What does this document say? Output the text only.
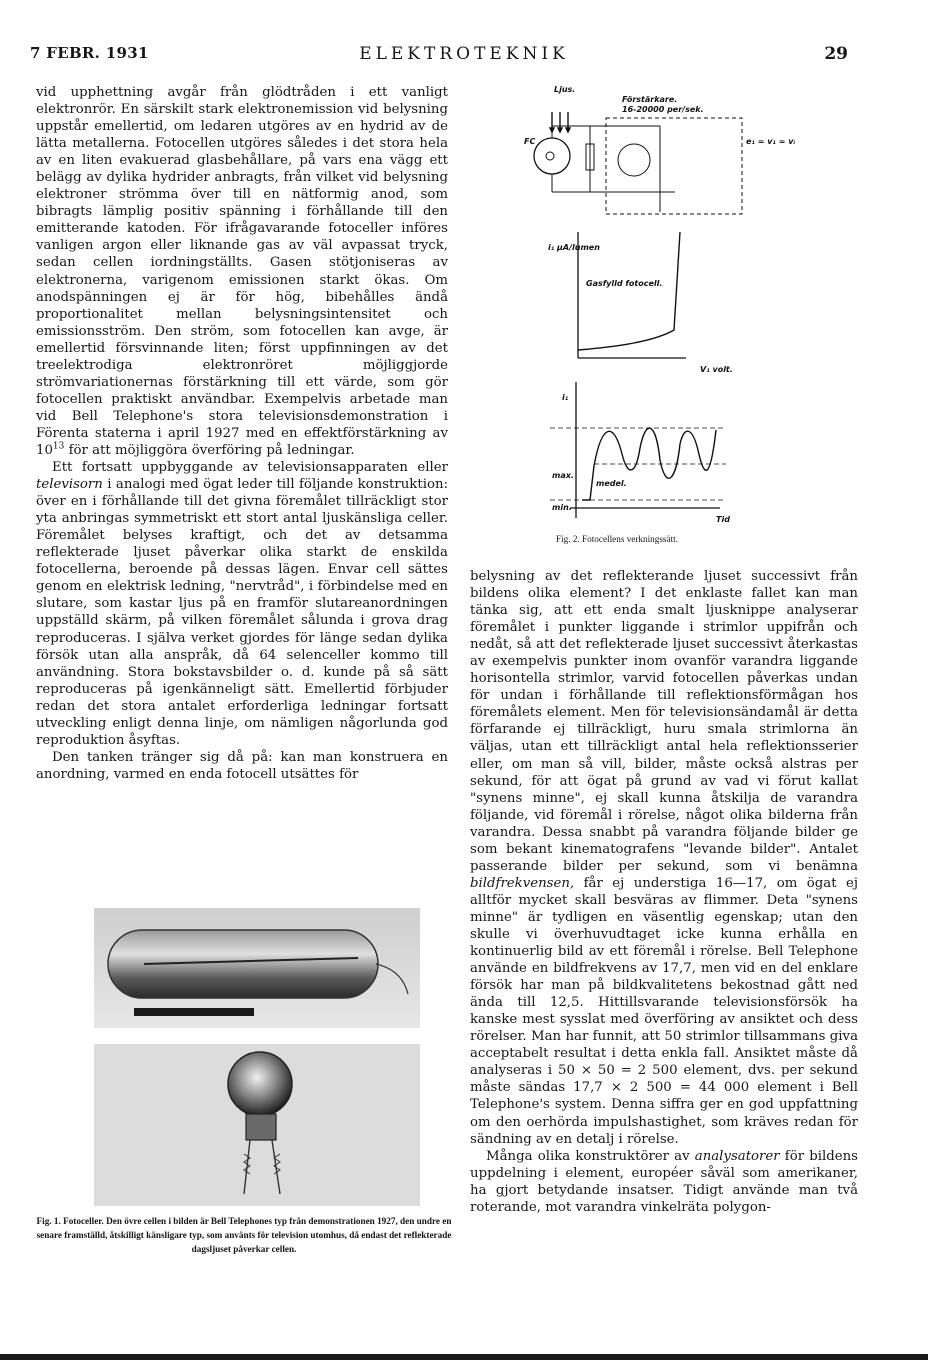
7 FEBR. 1931	ELEKTROTEKNIK	29

vid upphettning avgår från glödtråden i ett vanligt elektronrör. En särskilt stark elektronemission vid belysning uppstår emellertid, om ledaren utgöres av en hydrid av de lätta metallerna. Fotocellen utgöres således i det stora hela av en liten evakuerad glasbehållare, på vars ena vägg ett belägg av dylika hydrider anbragts, från vilket vid belysning elektroner strömma över till en nätformig anod, som bibragts lämplig positiv spänning i förhållande till den emitterande katoden. För ifrågavarande fotoceller införes vanligen argon eller liknande gas av väl avpassat tryck, sedan cellen iordningställts. Gasen stötjoniseras av elektronerna, varigenom emissionen starkt ökas. Om anodspänningen ej är för hög, bibehålles ändå proportionalitet mellan belysningsintensitet och emissionsström. Den ström, som fotocellen kan avge, är emellertid försvinnande liten; först uppfinningen av det treelektrodiga elektronröret möjliggjorde strömvariationernas förstärkning till ett värde, som gör fotocellen praktiskt användbar. Exempelvis arbetade man vid Bell Telephone's stora televisionsdemonstration i Förenta staterna i april 1927 med en effektförstärkning av $10^{13}$ för att möjliggöra överföring på ledningar.

Ett fortsatt uppbyggande av televisionsapparaten eller televisorn i analogi med ögat leder till följande konstruktion: över en i förhållande till det givna föremålet tillräckligt stor yta anbringas symmetriskt ett stort antal ljuskänsliga celler. Föremålet belyses kraftigt, och det av detsamma reflekterade ljuset påverkar olika starkt de enskilda fotocellerna, beroende på dessas lägen. Envar cell sättes genom en elektrisk ledning, "nervtråd", i förbindelse med en slutare, som kastar ljus på en framför slutareanordningen uppställd skärm, på vilken föremålet sålunda i grova drag reproduceras. I själva verket gjordes för länge sedan dylika försök utan alla anspråk, då 64 selenceller kommo till användning. Stora bokstavsbilder o. d. kunde på så sätt reproduceras på igenkänneligt sätt. Emellertid förbjuder redan det stora antalet erforderliga ledningar fortsatt utveckling enligt denna linje, om nämligen någorlunda god reproduktion åsyftas.

Den tanken tränger sig då på: kan man konstruera en anordning, varmed en enda fotocell utsättes för

Ljus.
FC
Förstärkare.
16-20000 per/sek.
e₁ = v₁ = vᵢ
i₁ μA/lumen
Gasfylld fotocell.
V₁ volt.
i₁
max.
medel.
min.
Tid
Fig. 2. Fotocellens verkningssätt.

belysning av det reflekterande ljuset successivt från bildens olika element? I det enklaste fallet kan man tänka sig, att ett enda smalt ljusknippe analyserar föremålet i punkter liggande i strimlor uppifrån och nedåt, så att det reflekterade ljuset successivt återkastas av exempelvis punkter inom ovanför varandra liggande horisontella strimlor, varvid fotocellen påverkas undan för undan i förhållande till reflektionsförmågan hos föremålets element. Men för televisionsändamål är detta förfarande ej tillräckligt, huru smala strimlorna än väljas, utan ett tillräckligt antal hela reflektionsserier eller, om man så vill, bilder, måste också alstras per sekund, för att ögat på grund av vad vi förut kallat "synens minne", ej skall kunna åtskilja de varandra följande, vid föremål i rörelse, något olika bilderna från varandra. Dessa snabbt på varandra följande bilder ge som bekant kinematografens "levande bilder". Antalet passerande bilder per sekund, som vi benämna bildfrekvensen, får ej understiga 16—17, om ögat ej alltför mycket skall besväras av flimmer. Deta "synens minne" är tydligen en väsentlig egenskap; utan den skulle vi överhuvudtaget icke kunna erhålla en kontinuerlig bild av ett föremål i rörelse. Bell Telephone använde en bildfrekvens av 17,7, men vid en del enklare försök har man på bildkvalitetens bekostnad gått ned ända till 12,5. Hittillsvarande televisionsförsök ha kanske mest sysslat med överföring av ansiktet och dess rörelser. Man har funnit, att 50 strimlor tillsammans giva acceptabelt resultat i detta enkla fall. Ansiktet måste då analyseras i 50 × 50 = 2 500 element, dvs. per sekund måste sändas 17,7 × 2 500 = 44 000 element i Bell Telephone's system. Denna siffra ger en god uppfattning om den oerhörda impulshastighet, som kräves redan för sändning av en detalj i rörelse.

Många olika konstruktörer av analysatorer för bildens uppdelning i element, européer såväl som amerikaner, ha gjort betydande insatser. Tidigt använde man två roterande, mot varandra vinkelräta polygon-

Fig. 1. Fotoceller. Den övre cellen i bilden är Bell Telephones typ från demonstrationen 1927, den undre en senare framställd, åtskilligt känsligare typ, som använts för television utomhus, då endast det reflekterade dagsljuset påverkar cellen.
